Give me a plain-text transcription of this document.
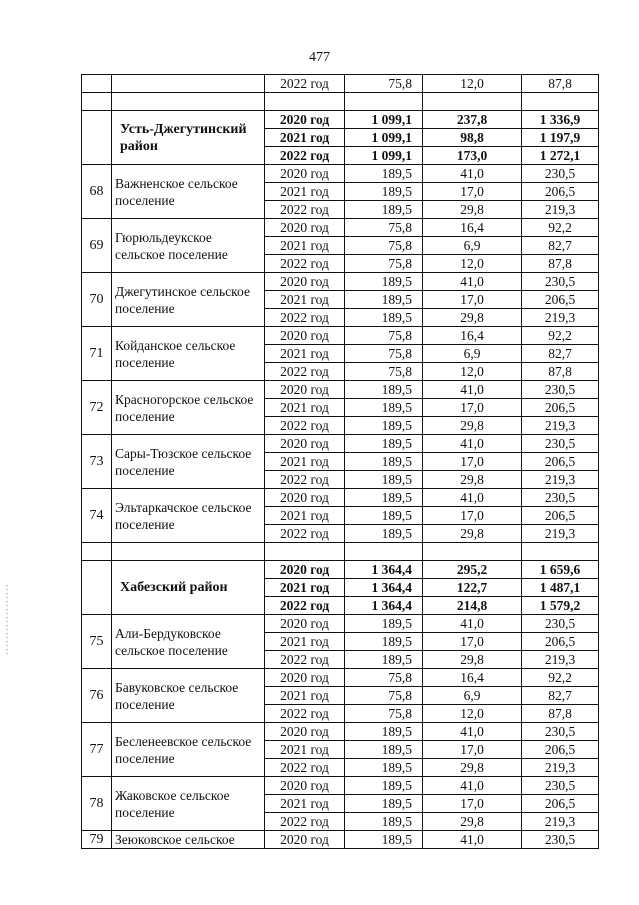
477
		2022 год	75,8	12,0	87,8

	Усть-Джегутинский район	2020 год	1 099,1	237,8	1 336,9
		2021 год	1 099,1	98,8	1 197,9
		2022 год	1 099,1	173,0	1 272,1
68	Важненское сельское поселение	2020 год	189,5	41,0	230,5
		2021 год	189,5	17,0	206,5
		2022 год	189,5	29,8	219,3
69	Гюрюльдеукское сельское поселение	2020 год	75,8	16,4	92,2
		2021 год	75,8	6,9	82,7
		2022 год	75,8	12,0	87,8
70	Джегутинское сельское поселение	2020 год	189,5	41,0	230,5
		2021 год	189,5	17,0	206,5
		2022 год	189,5	29,8	219,3
71	Койданское сельское поселение	2020 год	75,8	16,4	92,2
		2021 год	75,8	6,9	82,7
		2022 год	75,8	12,0	87,8
72	Красногорское сельское поселение	2020 год	189,5	41,0	230,5
		2021 год	189,5	17,0	206,5
		2022 год	189,5	29,8	219,3
73	Сары-Тюзское сельское поселение	2020 год	189,5	41,0	230,5
		2021 год	189,5	17,0	206,5
		2022 год	189,5	29,8	219,3
74	Эльтаркачское сельское поселение	2020 год	189,5	41,0	230,5
		2021 год	189,5	17,0	206,5
		2022 год	189,5	29,8	219,3

	Хабезский район	2020 год	1 364,4	295,2	1 659,6
		2021 год	1 364,4	122,7	1 487,1
		2022 год	1 364,4	214,8	1 579,2
75	Али-Бердуковское сельское поселение	2020 год	189,5	41,0	230,5
		2021 год	189,5	17,0	206,5
		2022 год	189,5	29,8	219,3
76	Бавуковское сельское поселение	2020 год	75,8	16,4	92,2
		2021 год	75,8	6,9	82,7
		2022 год	75,8	12,0	87,8
77	Бесленеевское сельское поселение	2020 год	189,5	41,0	230,5
		2021 год	189,5	17,0	206,5
		2022 год	189,5	29,8	219,3
78	Жаковское сельское поселение	2020 год	189,5	41,0	230,5
		2021 год	189,5	17,0	206,5
		2022 год	189,5	29,8	219,3
79	Зеюковское сельское	2020 год	189,5	41,0	230,5
